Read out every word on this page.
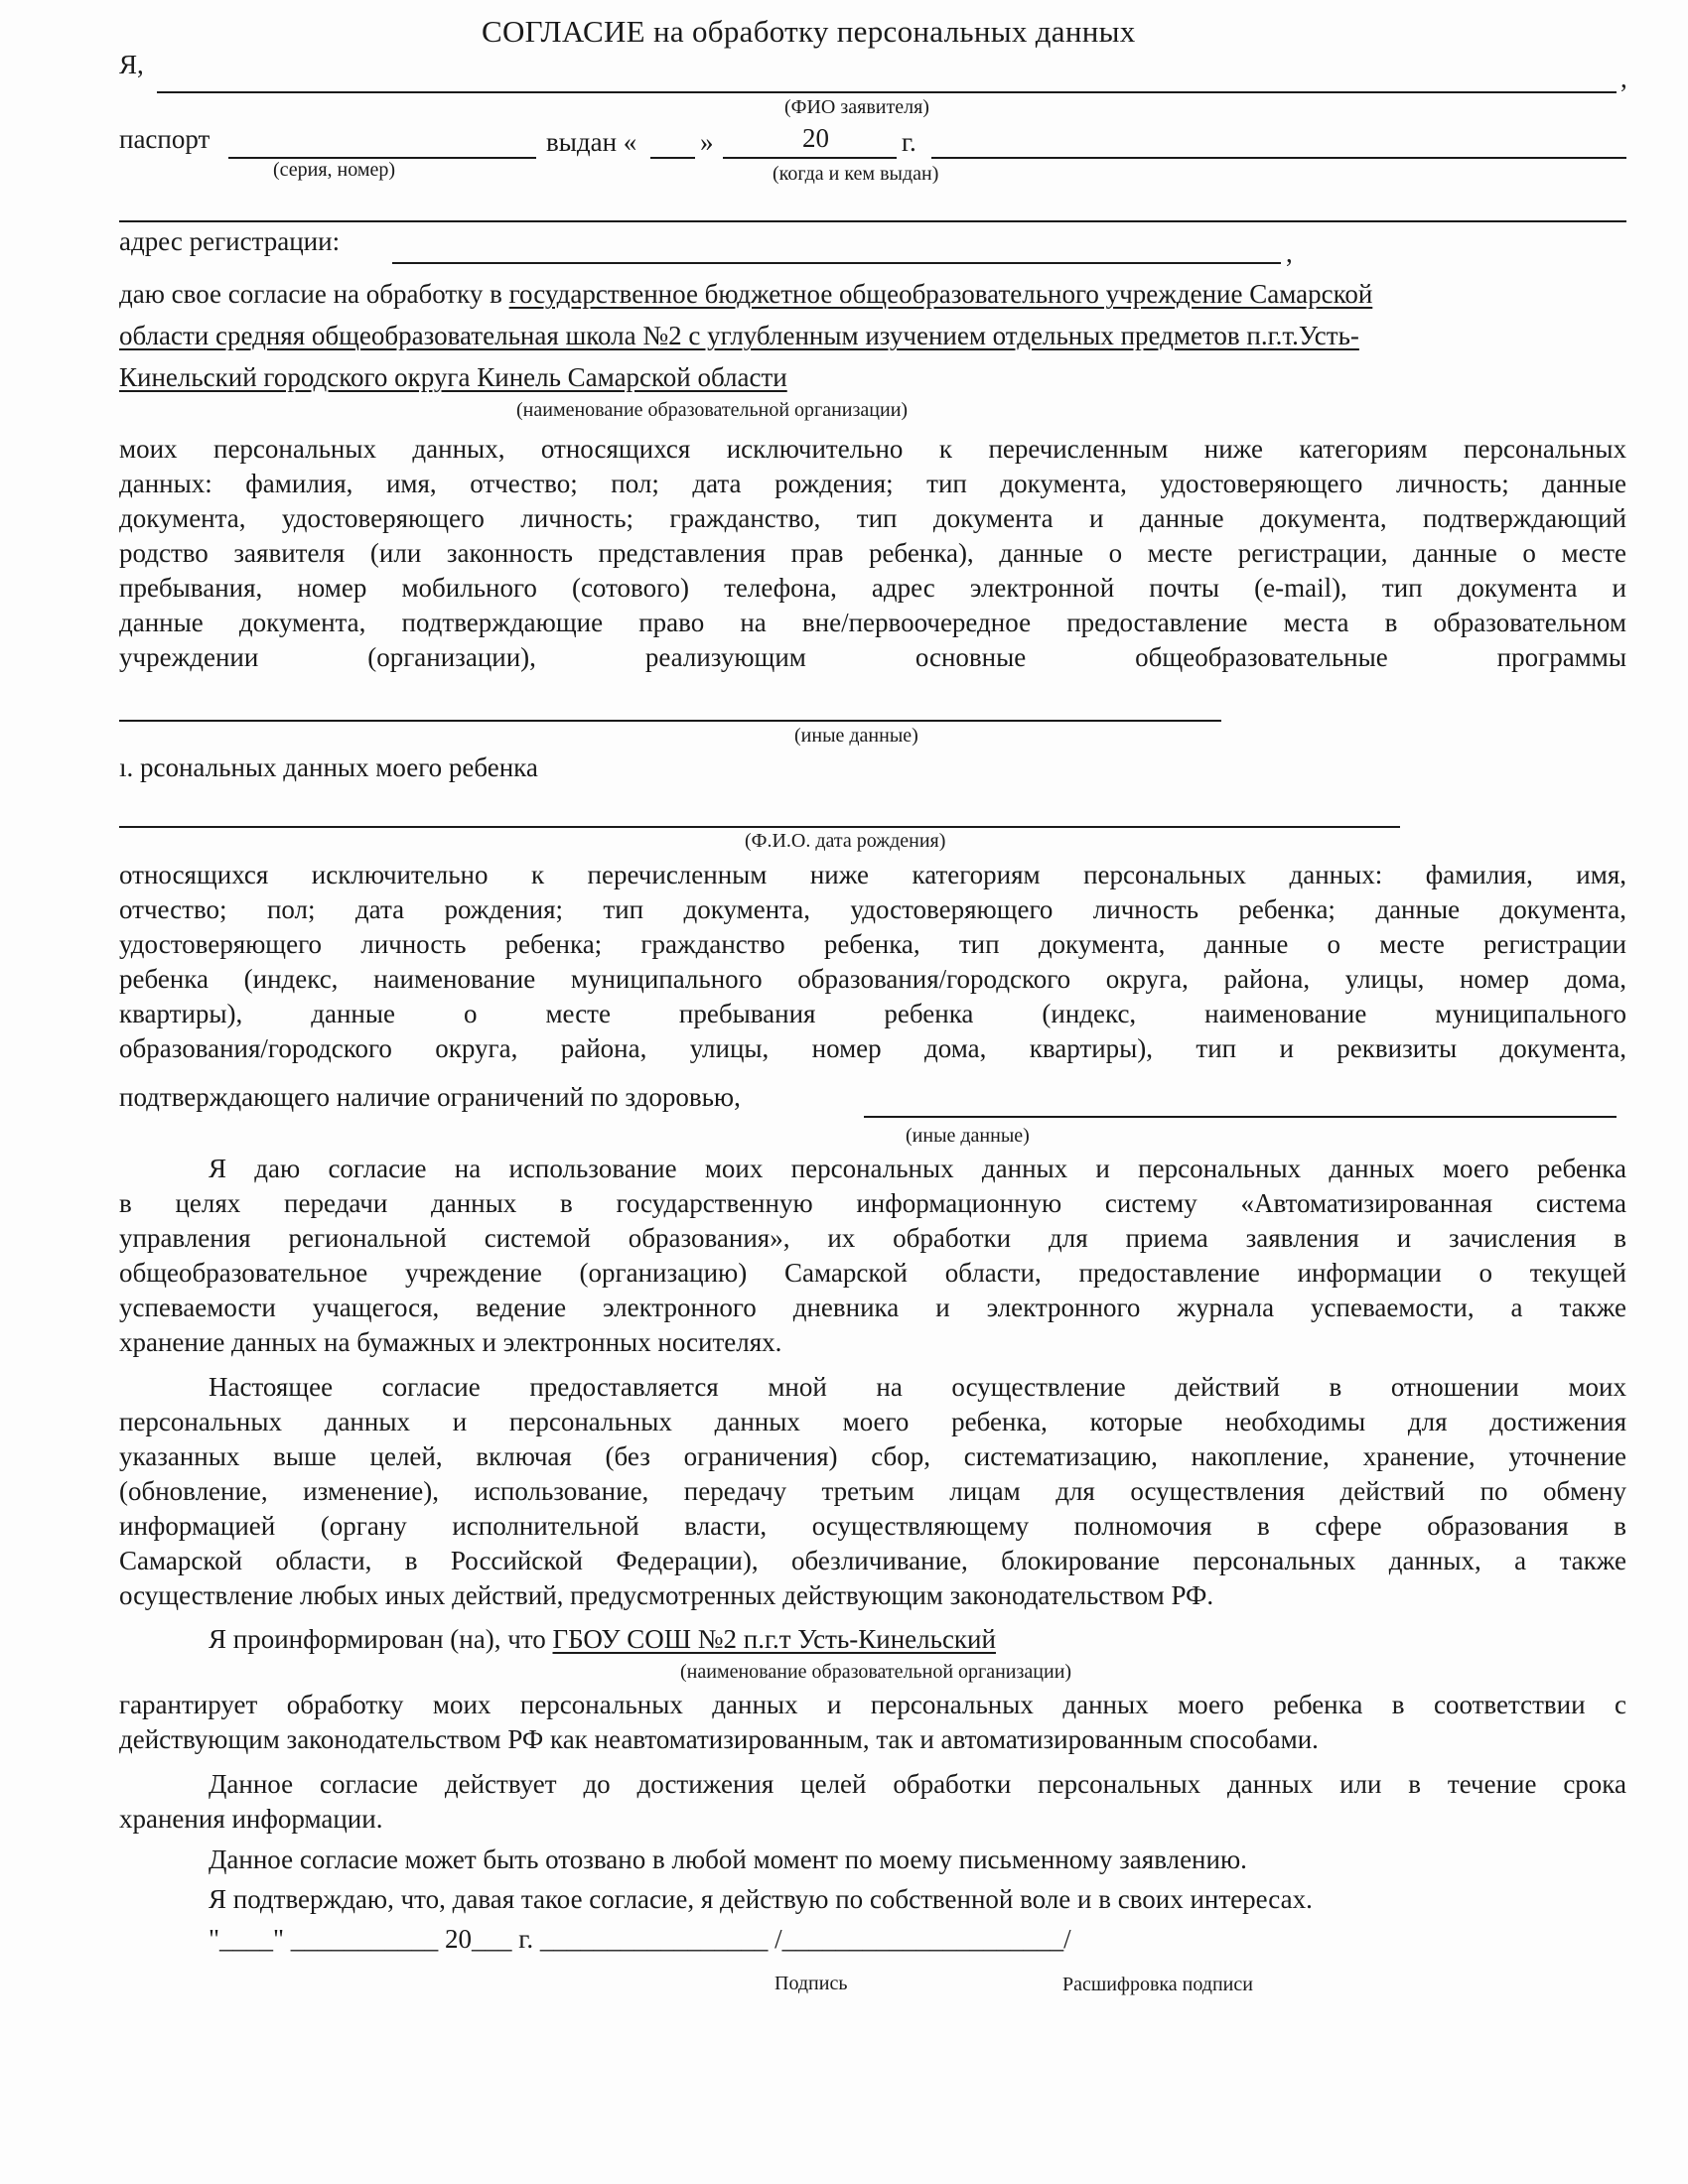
СОГЛАСИЕ на обработку персональных данных
Я,	,
(ФИО заявителя)
паспорт	выдан « »	20	г.
(серия, номер)	(когда и кем выдан)
адрес регистрации:	,
даю свое согласие на обработку в государственное бюджетное общеобразовательного учреждение Самарской
области средняя общеобразовательная школа №2 с углубленным изучением отдельных предметов п.г.т.Усть-
Кинельский городского округа Кинель Самарской области
(наименование образовательной организации)

моих персональных данных, относящихся исключительно к перечисленным ниже категориям персональных

данных: фамилия, имя, отчество; пол; дата рождения; тип документа, удостоверяющего личность; данные

документа, удостоверяющего личность; гражданство, тип документа и данные документа, подтверждающий

родство заявителя (или законность представления прав ребенка), данные о месте регистрации, данные о месте

пребывания, номер мобильного (сотового) телефона, адрес электронной почты (e-mail), тип документа и

данные документа, подтверждающие право на вне/первоочередное предоставление места в образовательном

учреждении (организации), реализующим основные общеобразовательные программы

(иные данные)
ı. рсональных данных моего ребенка
(Ф.И.О. дата рождения)

относящихся исключительно к перечисленным ниже категориям персональных данных: фамилия, имя,

отчество; пол; дата рождения; тип документа, удостоверяющего личность ребенка; данные документа,

удостоверяющего личность ребенка; гражданство ребенка, тип документа, данные о месте регистрации

ребенка (индекс, наименование муниципального образования/городского округа, района, улицы, номер дома,

квартиры), данные о месте пребывания ребенка (индекс, наименование муниципального

образования/городского округа, района, улицы, номер дома, квартиры), тип и реквизиты документа,

подтверждающего наличие ограничений по здоровью,
(иные данные)

Я даю согласие на использование моих персональных данных и персональных данных моего ребенка

в целях передачи данных в государственную информационную систему «Автоматизированная система

управления региональной системой образования», их обработки для приема заявления и зачисления в

общеобразовательное учреждение (организацию) Самарской области, предоставление информации о текущей

успеваемости учащегося, ведение электронного дневника и электронного журнала успеваемости, а также

хранение данных на бумажных и электронных носителях.

Настоящее согласие предоставляется мной на осуществление действий в отношении моих

персональных данных и персональных данных моего ребенка, которые необходимы для достижения

указанных выше целей, включая (без ограничения) сбор, систематизацию, накопление, хранение, уточнение

(обновление, изменение), использование, передачу третьим лицам для осуществления действий по обмену

информацией (органу исполнительной власти, осуществляющему полномочия в сфере образования в

Самарской области, в Российской Федерации), обезличивание, блокирование персональных данных, а также

осуществление любых иных действий, предусмотренных действующим законодательством РФ.

Я проинформирован (на), что ГБОУ СОШ №2 п.г.т Усть-Кинельский
(наименование образовательной организации)

гарантирует обработку моих персональных данных и персональных данных моего ребенка в соответствии с

действующим законодательством РФ как неавтоматизированным, так и автоматизированным способами.

Данное согласие действует до достижения целей обработки персональных данных или в течение срока

хранения информации.

Данное согласие может быть отозвано в любой момент по моему письменному заявлению.
Я подтверждаю, что, давая такое согласие, я действую по собственной воле и в своих интересах.
"____" ___________ 20___ г. _________________ /_____________________/
Подпись	Расшифровка подписи
